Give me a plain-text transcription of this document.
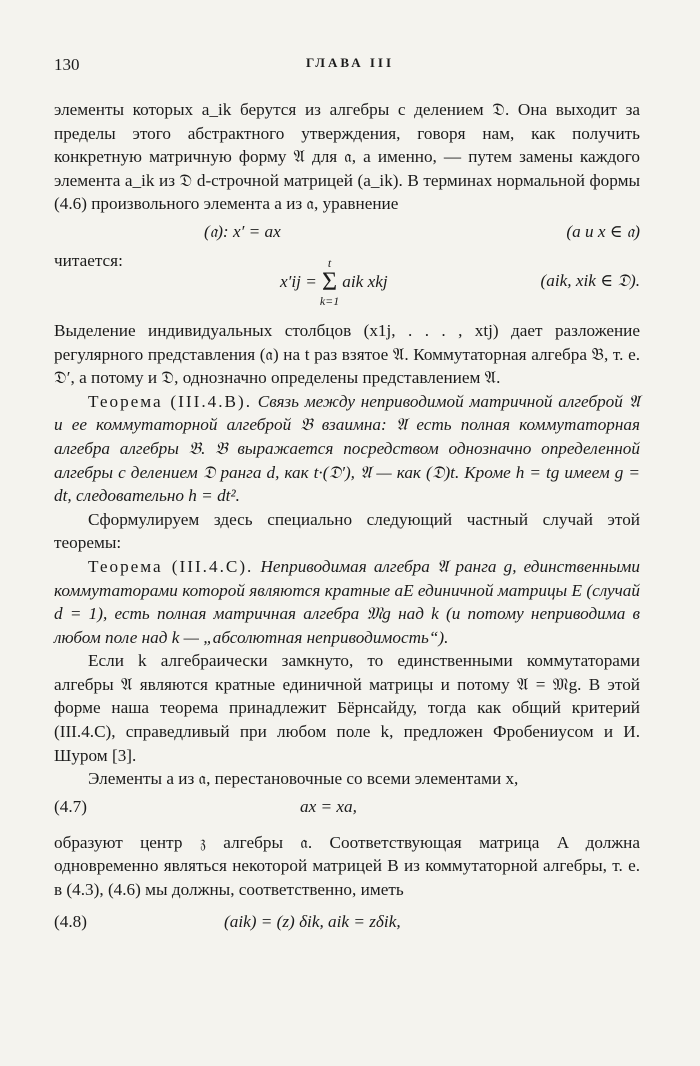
130	ГЛАВА III

элементы которых a_ik берутся из алгебры с делением 𝔇. Она выходит за пределы этого абстрактного утверждения, говоря нам, как получить конкретную матричную форму 𝔄 для 𝔞, а именно, — путем замены каждого элемента a_ik из 𝔇 d-строчной матрицей (a_ik). В терминах нормальной формы (4.6) произвольного элемента a из 𝔞, уравнение

(𝔞): x′ = ax	(a и x ∈ 𝔞)
читается:
x′ij =
t
Σ
k=1
aik xkj	(aik, xik ∈ 𝔇).

Выделение индивидуальных столбцов (x1j, . . . , xtj) дает разложение регулярного представления (𝔞) на t раз взятое 𝔄. Коммутаторная алгебра 𝔅, т. е. 𝔇′, а потому и 𝔇, однозначно определены представлением 𝔄.

Теорема (III.4.B). Связь между неприводимой матричной алгеброй 𝔄 и ее коммутаторной алгеброй 𝔅 взаимна: 𝔄 есть полная коммутаторная алгебра алгебры 𝔅. 𝔅 выражается посредством однозначно определенной алгебры с делением 𝔇 ранга d, как t·(𝔇′), 𝔄 — как (𝔇)t. Кроме h = tg имеем g = dt, следовательно h = dt².

Сформулируем здесь специально следующий частный случай этой теоремы:

Теорема (III.4.C). Неприводимая алгебра 𝔄 ранга g, единственными коммутаторами которой являются кратные aE единичной матрицы E (случай d = 1), есть полная матричная алгебра 𝔐g над k (и потому неприводима в любом поле над k — „абсолютная неприводимость“).

Если k алгебраически замкнуто, то единственными коммутаторами алгебры 𝔄 являются кратные единичной матрицы и потому 𝔄 = 𝔐g. В этой форме наша теорема принадлежит Бёрнсайду, тогда как общий критерий (III.4.C), справедливый при любом поле k, предложен Фробениусом и И. Шуром [3].

Элементы a из 𝔞, перестановочные со всеми элементами x,

(4.7)	ax = xa,

образуют центр 𝔷 алгебры 𝔞. Соответствующая матрица A должна одновременно являться некоторой матрицей B из коммутаторной алгебры, т. е. в (4.3), (4.6) мы должны, соответственно, иметь

(4.8)	(aik) = (z) δik, aik = zδik,
